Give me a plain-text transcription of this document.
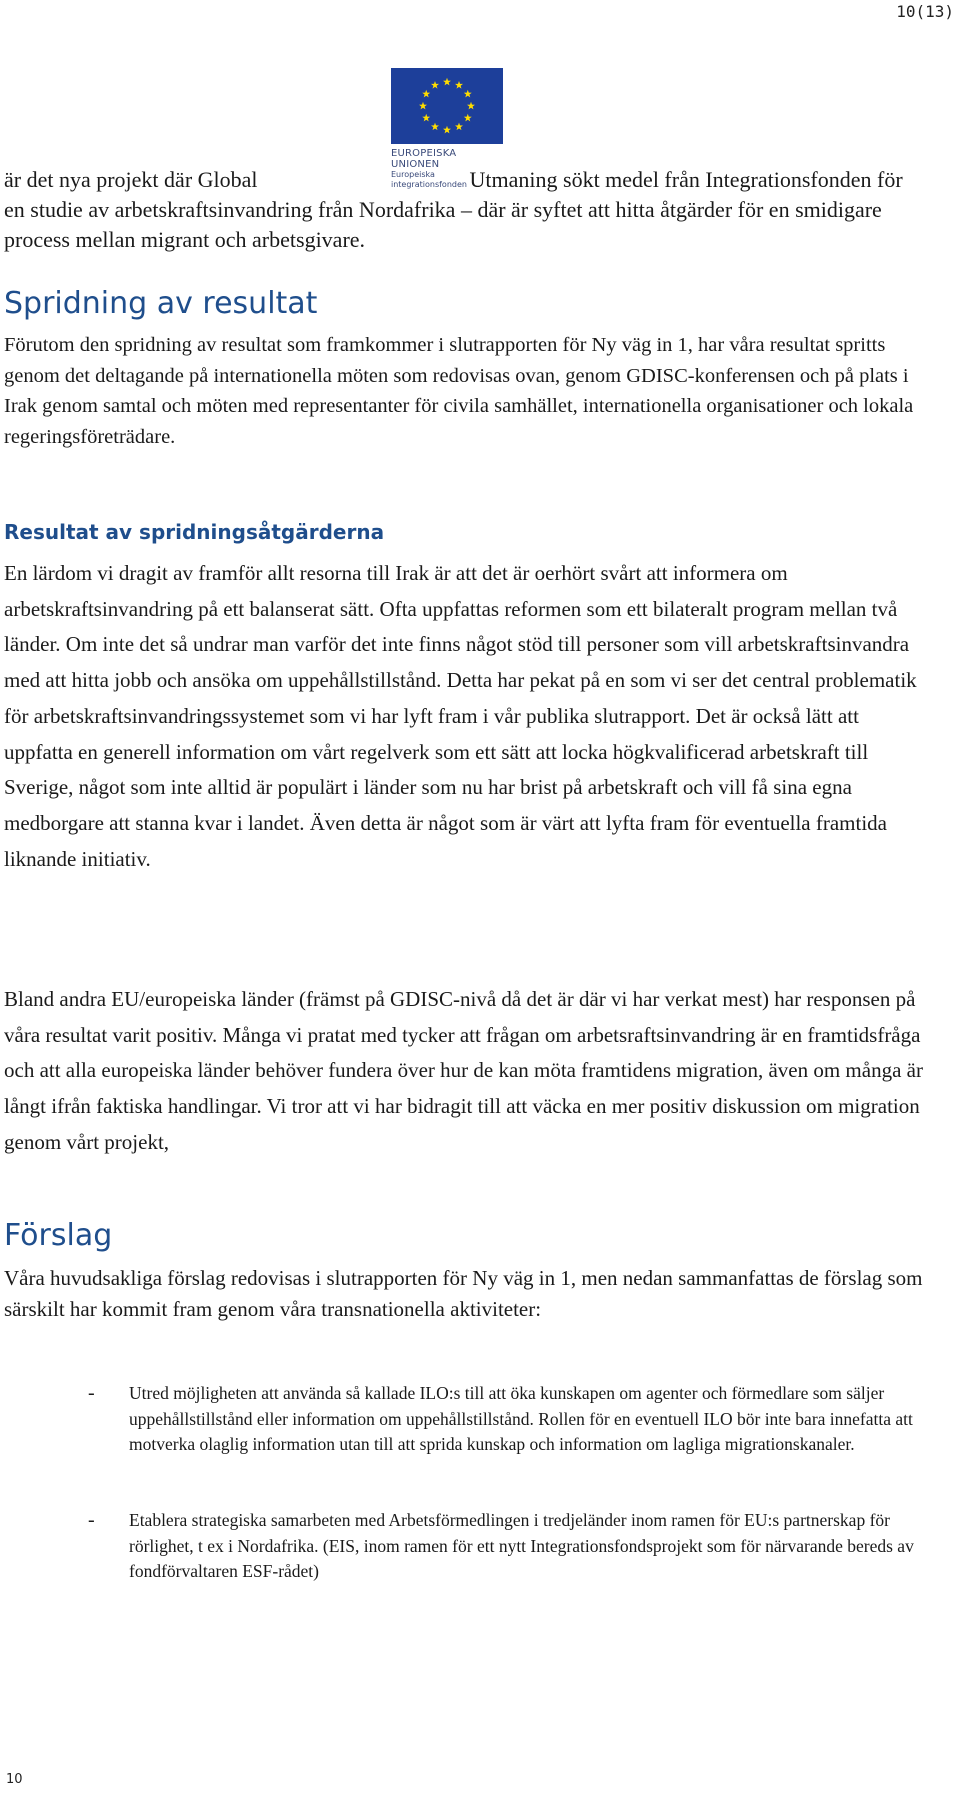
10(13)
EUROPEISKA UNIONEN
Europeiska integrationsfonden
är det nya projekt där Global	Utmaning sökt medel från Integrationsfonden för en studie av arbetskraftsinvandring från Nordafrika – där är syftet att hitta åtgärder för en smidigare process mellan migrant och arbetsgivare.
Spridning av resultat

Förutom den spridning av resultat som framkommer i slutrapporten för Ny väg in 1, har våra resultat spritts genom det deltagande på internationella möten som redovisas ovan, genom GDISC-konferensen och på plats i Irak genom samtal och möten med representanter för civila samhället, internationella organisationer och lokala regeringsföreträdare.

Resultat av spridningsåtgärderna

En lärdom vi dragit av framför allt resorna till Irak är att det är oerhört svårt att informera om arbetskraftsinvandring på ett balanserat sätt. Ofta uppfattas reformen som ett bilateralt program mellan två länder. Om inte det så undrar man varför det inte finns något stöd till personer som vill arbetskraftsinvandra med att hitta jobb och ansöka om uppehållstillstånd. Detta har pekat på en som vi ser det central problematik för arbetskraftsinvandringssystemet som vi har lyft fram i vår publika slutrapport. Det är också lätt att uppfatta en generell information om vårt regelverk som ett sätt att locka högkvalificerad arbetskraft till Sverige, något som inte alltid är populärt i länder som nu har brist på arbetskraft och vill få sina egna medborgare att stanna kvar i landet. Även detta är något som är värt att lyfta fram för eventuella framtida liknande initiativ.

Bland andra EU/europeiska länder (främst på GDISC-nivå då det är där vi har verkat mest) har responsen på våra resultat varit positiv. Många vi pratat med tycker att frågan om arbetsraftsinvandring är en framtidsfråga och att alla europeiska länder behöver fundera över hur de kan möta framtidens migration, även om många är långt ifrån faktiska handlingar. Vi tror att vi har bidragit till att väcka en mer positiv diskussion om migration genom vårt projekt,

Förslag

Våra huvudsakliga förslag redovisas i slutrapporten för Ny väg in 1, men nedan sammanfattas de förslag som särskilt har kommit fram genom våra transnationella aktiviteter:

- Utred möjligheten att använda så kallade ILO:s till att öka kunskapen om agenter och förmedlare som säljer uppehållstillstånd eller information om uppehållstillstånd. Rollen för en eventuell ILO bör inte bara innefatta att motverka olaglig information utan till att sprida kunskap och information om lagliga migrationskanaler.
- Etablera strategiska samarbeten med Arbetsförmedlingen i tredjeländer inom ramen för EU:s partnerskap för rörlighet, t ex i Nordafrika. (EIS, inom ramen för ett nytt Integrationsfondsprojekt som för närvarande bereds av fondförvaltaren ESF-rådet)
10
